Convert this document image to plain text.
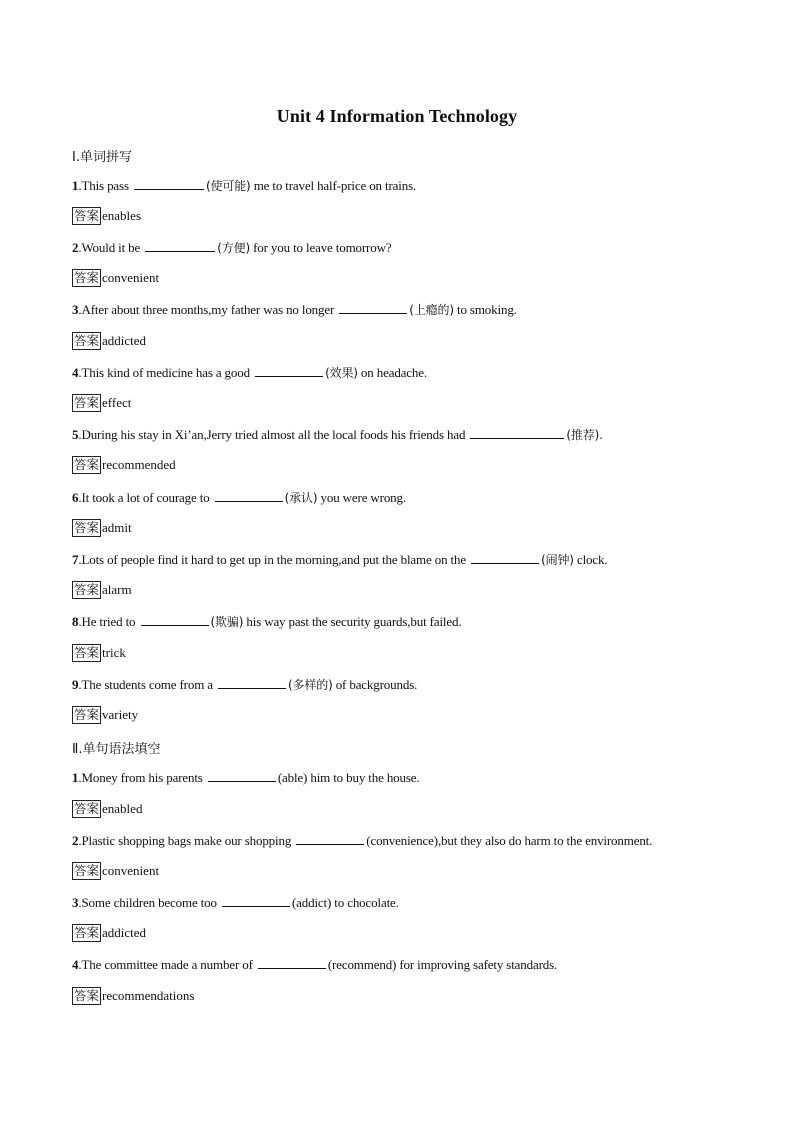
Unit 4 Information Technology
Ⅰ.单词拼写
1.This pass	(使可能) me to travel half-price on trains.
答案 enables
2.Would it be	(方便) for you to leave tomorrow?
答案 convenient
3.After about three months,my father was no longer	(上瘾的) to smoking.
答案 addicted
4.This kind of medicine has a good	(效果) on headache.
答案 effect
5.During his stay in Xi’an,Jerry tried almost all the local foods his friends had	(推荐).
答案 recommended
6.It took a lot of courage to	(承认) you were wrong.
答案 admit
7.Lots of people find it hard to get up in the morning,and put the blame on the	(闹钟) clock.
答案 alarm
8.He tried to	(欺骗) his way past the security guards,but failed.
答案 trick
9.The students come from a	(多样的) of backgrounds.
答案 variety
Ⅱ.单句语法填空
1.Money from his parents	(able) him to buy the house.
答案 enabled
2.Plastic shopping bags make our shopping	(convenience),but they also do harm to the environment.
答案 convenient
3.Some children become too	(addict) to chocolate.
答案 addicted
4.The committee made a number of	(recommend) for improving safety standards.
答案 recommendations
